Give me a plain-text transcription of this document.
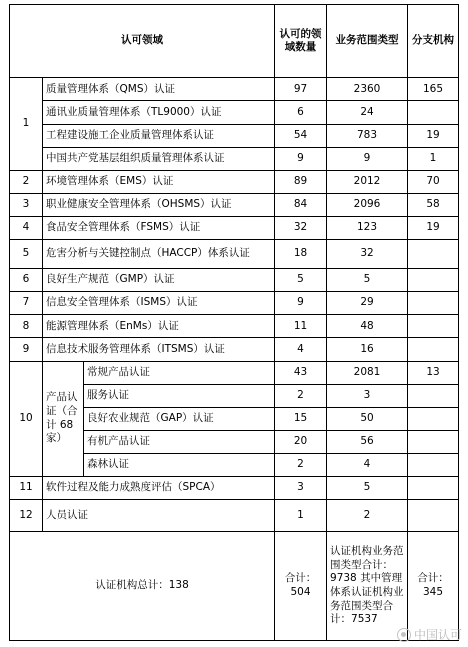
认可领域			认可的领域数量	业务范围类型	分支机构
1	质量管理体系（QMS）认证		97	2360	165
	通讯业质量管理体系（TL9000）认证		6	24	
	工程建设施工企业质量管理体系认证		54	783	19
	中国共产党基层组织质量管理体系认证		9	9	1
2	环境管理体系（EMS）认证		89	2012	70
3	职业健康安全管理体系（OHSMS）认证		84	2096	58
4	食品安全管理体系（FSMS）认证		32	123	19
5	危害分析与关键控制点（HACCP）体系认证		18	32	
6	良好生产规范（GMP）认证		5	5	
7	信息安全管理体系（ISMS）认证		9	29	
8	能源管理体系（EnMs）认证		11	48	
9	信息技术服务管理体系（ITSMS）认证		4	16	
10	产品认证（合计 68家）	常规产品认证	43	2081	13
		服务认证	2	3	
		良好农业规范（GAP）认证	15	50	
		有机产品认证	20	56	
		森林认证	2	4	
11	软件过程及能力成熟度评估（SPCA）		3	5	
12	人员认证		1	2	
认证机构总计：138			合计：504	认证机构业务范围类型合计：9738 其中管理体系认证机构业务范围类型合计：7537	合计：345
中国认可
